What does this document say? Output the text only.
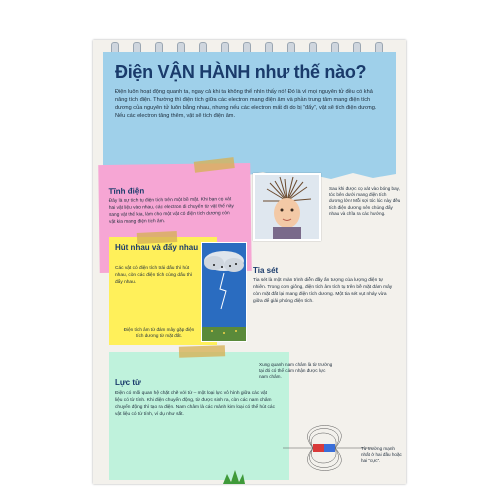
Điện VẬN HÀNH như thế nào?

Điện luôn hoạt động quanh ta, ngay cả khi ta không thể nhìn thấy nó! Đó là vì mọi nguyên tử đều có khả năng tích điện. Thường thì điện tích giữa các electron mang điện âm và phần trung tâm mang điện tích dương của nguyên tử luôn bằng nhau, nhưng nếu các electron mất đi do bị “đẩy”, vật sẽ tích điện dương. Nếu các electron tăng thêm, vật sẽ tích điện âm.

Tĩnh điện

Đây là sự tích tụ điện tích trên một bề mặt. Khi bạn cọ xát hai vật liệu vào nhau, các electron di chuyển từ vật thể này sang vật thể kia, làm cho một vật có điện tích dương còn vật kia mang điện tích âm.

Sau khi được cọ xát vào bóng bay, tóc bên dưới mang điện tích dương lớn! Mỗi sợi tóc lúc này đều tích điện dương nên chúng đẩy nhau và chĩa ra các hướng.

Hút nhau và đẩy nhau

Các vật có điện tích trái dấu thì hút nhau, còn các điện tích cùng dấu thì đẩy nhau.

Điện tích âm từ đám mây gặp điện tích dương từ mặt đất.

Tia sét

Tia sét là một màn trình diễn đầy ấn tượng của lượng điện tự nhiên. Trong cơn giông, điện tích âm tích tụ trên bề mặt đám mây còn mặt đất lại mang điện tích dương. Một tia sét vụt nháy vừa giữa để giải phóng điện tích.

Lực từ

Điện có mối quan hệ chặt chẽ với từ – một loại lực vô hình giữa các vật liệu có từ tính. Khi điện chuyển động, từ được sinh ra, còn các nam châm chuyển động thì tạo ra điện. Nam châm là các mảnh kim loại có thể hút các vật liệu có từ tính, ví dụ như sắt.

Xung quanh nam châm là từ trường tại đó có thể cảm nhận được lực nam châm.

Từ trường mạnh nhất ở hai đầu hoặc hai “cực”.
